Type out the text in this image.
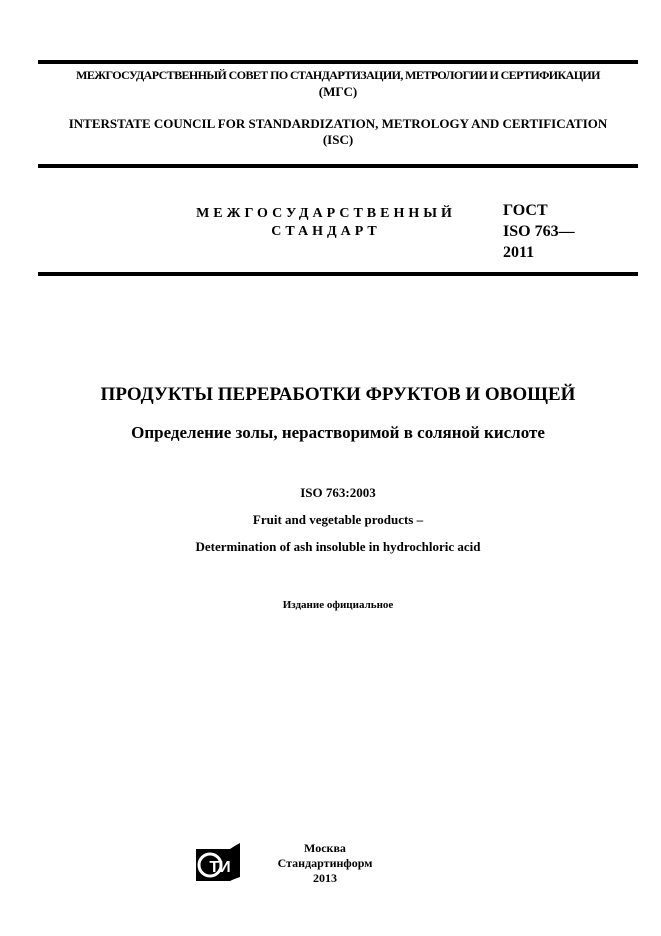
МЕЖГОСУДАРСТВЕННЫЙ СОВЕТ ПО СТАНДАРТИЗАЦИИ, МЕТРОЛОГИИ И СЕРТИФИКАЦИИ
(МГС)
INTERSTATE COUNCIL FOR STANDARDIZATION, METROLOGY AND CERTIFICATION
(ISC)
МЕЖГОСУДАРСТВЕННЫЙ
СТАНДАРТ
ГОСТ
ISO 763—
2011
ПРОДУКТЫ ПЕРЕРАБОТКИ ФРУКТОВ И ОВОЩЕЙ
Определение золы, нерастворимой в соляной кислоте
ISO 763:2003
Fruit and vegetable products –
Determination of ash insoluble in hydrochloric acid
Издание официальное
ТИ
Москва
Стандартинформ
2013
